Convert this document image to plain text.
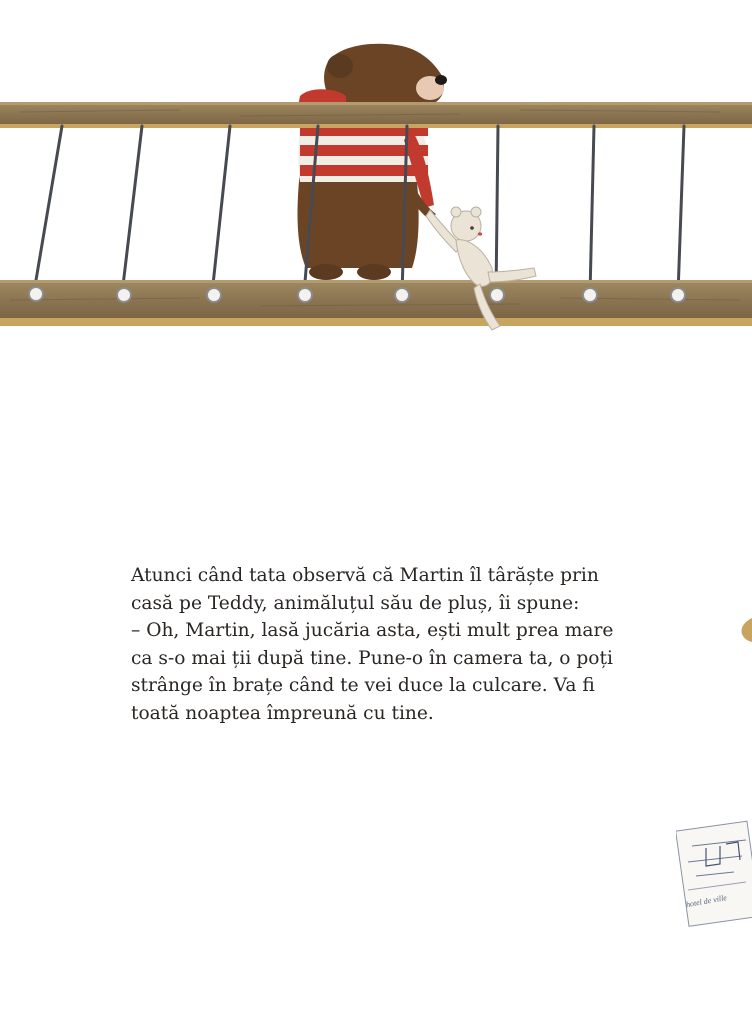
Atunci când tata observă că Martin îl târăște prin
casă pe Teddy, animăluțul său de pluș, îi spune:
– Oh, Martin, lasă jucăria asta, ești mult prea mare
ca s-o mai ții după tine. Pune-o în camera ta, o poți
strânge în brațe când te vei duce la culcare. Va fi
toată noaptea împreună cu tine.

hotel de ville
